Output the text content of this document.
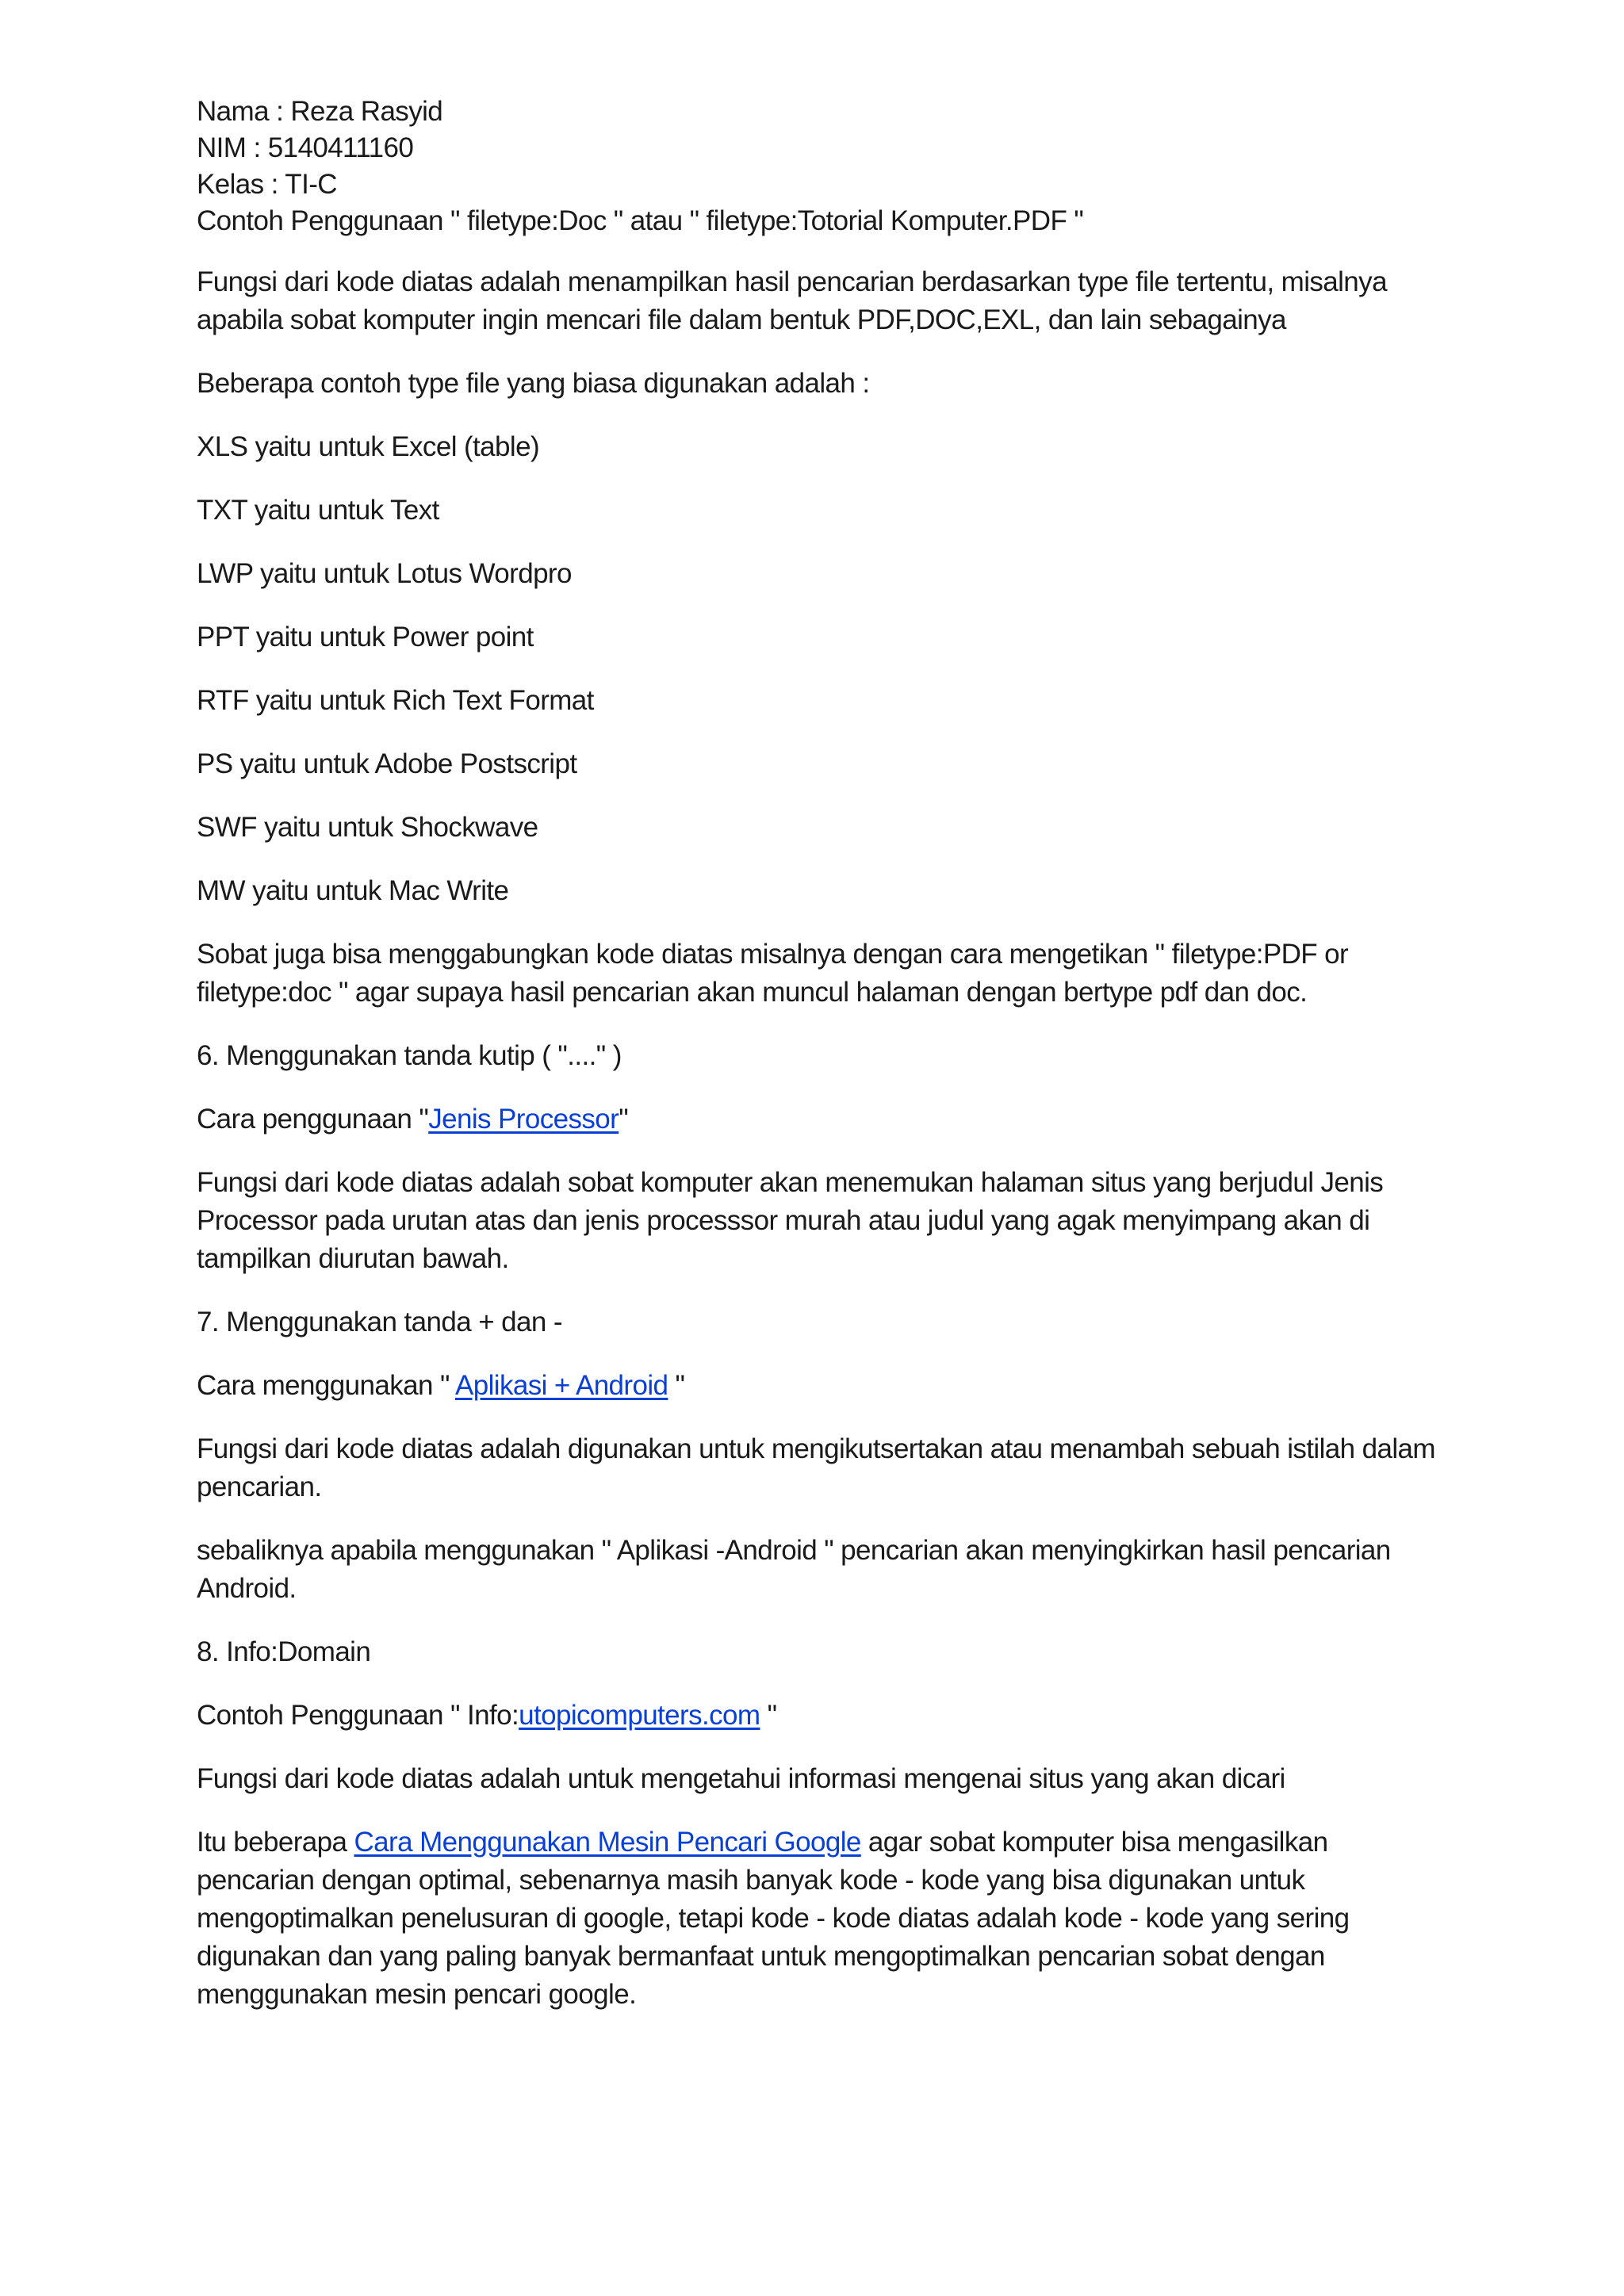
Nama : Reza Rasyid

NIM : 5140411160

Kelas : TI-C

Contoh Penggunaan " filetype:Doc " atau " filetype:Totorial Komputer.PDF "

Fungsi dari kode diatas adalah menampilkan hasil pencarian berdasarkan type file tertentu, misalnya apabila sobat komputer ingin mencari file dalam bentuk PDF,DOC,EXL, dan lain sebagainya

Beberapa contoh type file yang biasa digunakan adalah :

XLS yaitu untuk Excel (table)

TXT yaitu untuk Text

LWP yaitu untuk Lotus Wordpro

PPT yaitu untuk Power point

RTF yaitu untuk Rich Text Format

PS yaitu untuk Adobe Postscript

SWF yaitu untuk Shockwave

MW yaitu untuk Mac Write

Sobat juga bisa menggabungkan kode diatas misalnya dengan cara mengetikan " filetype:PDF or filetype:doc " agar supaya hasil pencarian akan muncul halaman dengan bertype pdf dan doc.

6. Menggunakan tanda kutip ( "...." )

Cara penggunaan "Jenis Processor"

Fungsi dari kode diatas adalah sobat komputer akan menemukan halaman situs yang berjudul Jenis Processor pada urutan atas dan jenis processsor murah atau judul yang agak menyimpang akan di tampilkan diurutan bawah.

7. Menggunakan tanda + dan -

Cara menggunakan " Aplikasi + Android "

Fungsi dari kode diatas adalah digunakan untuk mengikutsertakan atau menambah sebuah istilah dalam pencarian.

sebaliknya apabila menggunakan " Aplikasi -Android " pencarian akan menyingkirkan hasil pencarian Android.

8. Info:Domain

Contoh Penggunaan " Info:utopicomputers.com "

Fungsi dari kode diatas adalah untuk mengetahui informasi mengenai situs yang akan dicari

Itu beberapa Cara Menggunakan Mesin Pencari Google agar sobat komputer bisa mengasilkan pencarian dengan optimal, sebenarnya masih banyak kode - kode yang bisa digunakan untuk mengoptimalkan penelusuran di google, tetapi kode - kode diatas adalah kode - kode yang sering digunakan dan yang paling banyak bermanfaat untuk mengoptimalkan pencarian sobat dengan menggunakan mesin pencari google.
